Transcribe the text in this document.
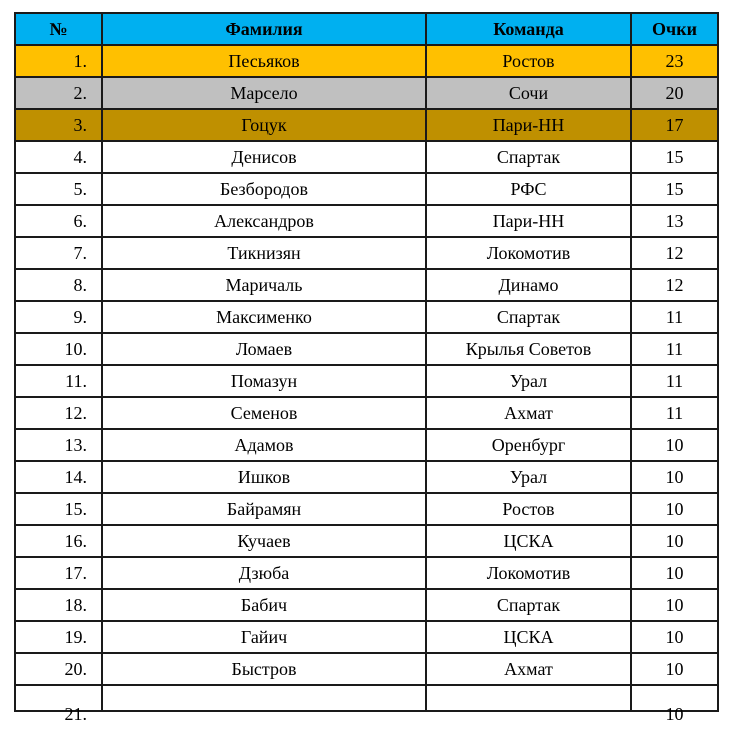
№	Фамилия	Команда	Очки
1.	Песьяков	Ростов	23
2.	Марсело	Сочи	20
3.	Гоцук	Пари-НН	17
4.	Денисов	Спартак	15
5.	Безбородов	РФС	15
6.	Александров	Пари-НН	13
7.	Тикнизян	Локомотив	12
8.	Маричаль	Динамо	12
9.	Максименко	Спартак	11
10.	Ломаев	Крылья Советов	11
11.	Помазун	Урал	11
12.	Семенов	Ахмат	11
13.	Адамов	Оренбург	10
14.	Ишков	Урал	10
15.	Байрамян	Ростов	10
16.	Кучаев	ЦСКА	10
17.	Дзюба	Локомотив	10
18.	Бабич	Спартак	10
19.	Гайич	ЦСКА	10
20.	Быстров	Ахмат	10
21.			10
